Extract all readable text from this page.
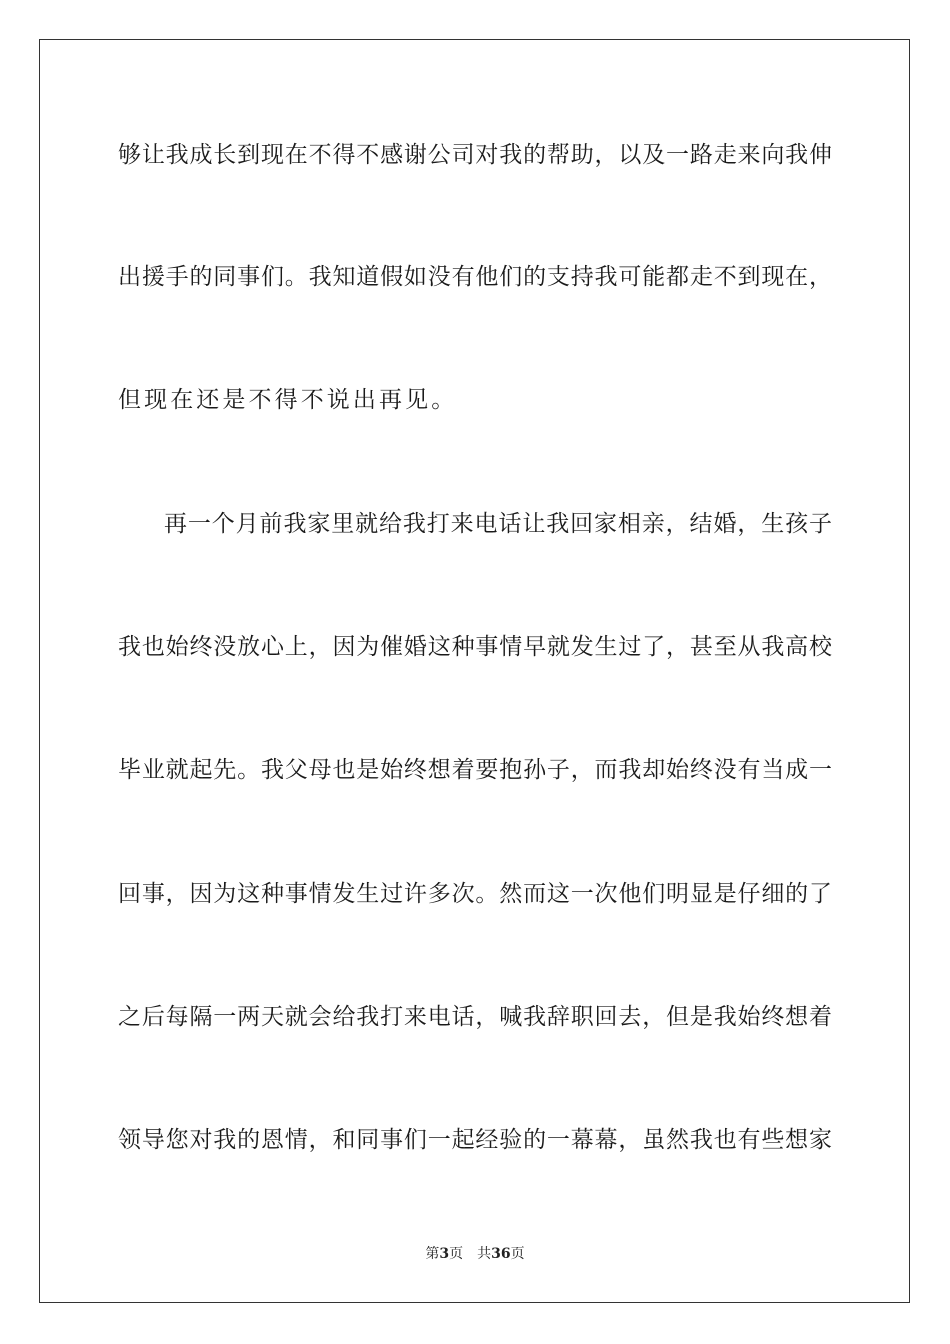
够让我成长到现在不得不感谢公司对我的帮助，以及一路走来向我伸
出援手的同事们。我知道假如没有他们的支持我可能都走不到现在，
但现在还是不得不说出再见。
再一个月前我家里就给我打来电话让我回家相亲，结婚，生孩子
我也始终没放心上，因为催婚这种事情早就发生过了，甚至从我高校
毕业就起先。我父母也是始终想着要抱孙子，而我却始终没有当成一
回事，因为这种事情发生过许多次。然而这一次他们明显是仔细的了
之后每隔一两天就会给我打来电话，喊我辞职回去，但是我始终想着
领导您对我的恩情，和同事们一起经验的一幕幕，虽然我也有些想家
第3页 共36页
